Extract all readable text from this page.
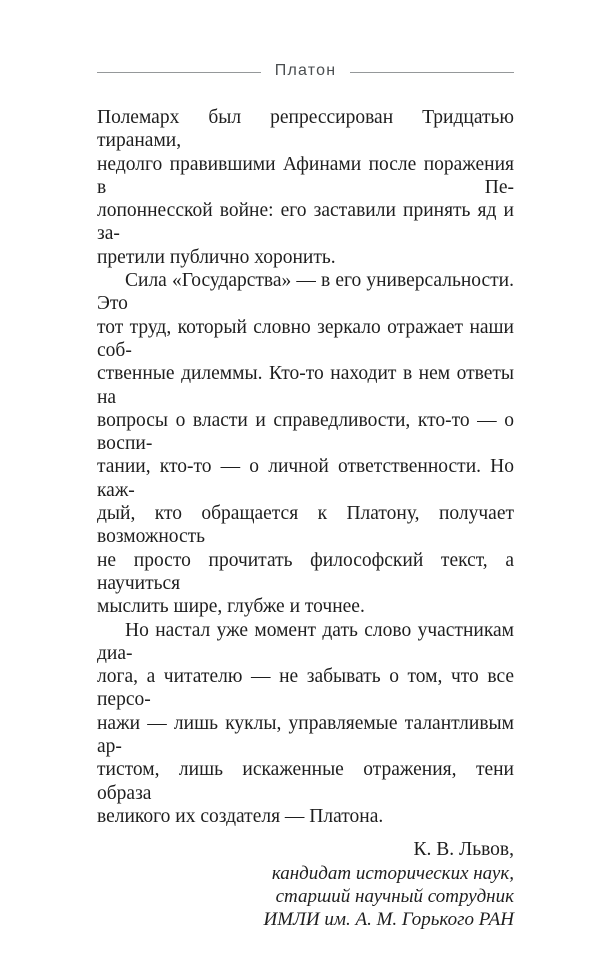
Платон

Полемарх был репрессирован Тридцатью тиранами,
недолго правившими Афинами после поражения в Пе-
лопоннесской войне: его заставили принять яд и за-
претили публично хоронить.

Сила «Государства» — в его универсальности. Это
тот труд, который словно зеркало отражает наши соб-
ственные дилеммы. Кто-то находит в нем ответы на
вопросы о власти и справедливости, кто-то — о воспи-
тании, кто-то — о личной ответственности. Но каж-
дый, кто обращается к Платону, получает возможность
не просто прочитать философский текст, а научиться
мыслить шире, глубже и точнее.

Но настал уже момент дать слово участникам диа-
лога, а читателю — не забывать о том, что все персо-
нажи — лишь куклы, управляемые талантливым ар-
тистом, лишь искаженные отражения, тени образа
великого их создателя — Платона.

К. В. Львов,
кандидат исторических наук,
старший научный сотрудник
ИМЛИ им. А. М. Горького РАН
